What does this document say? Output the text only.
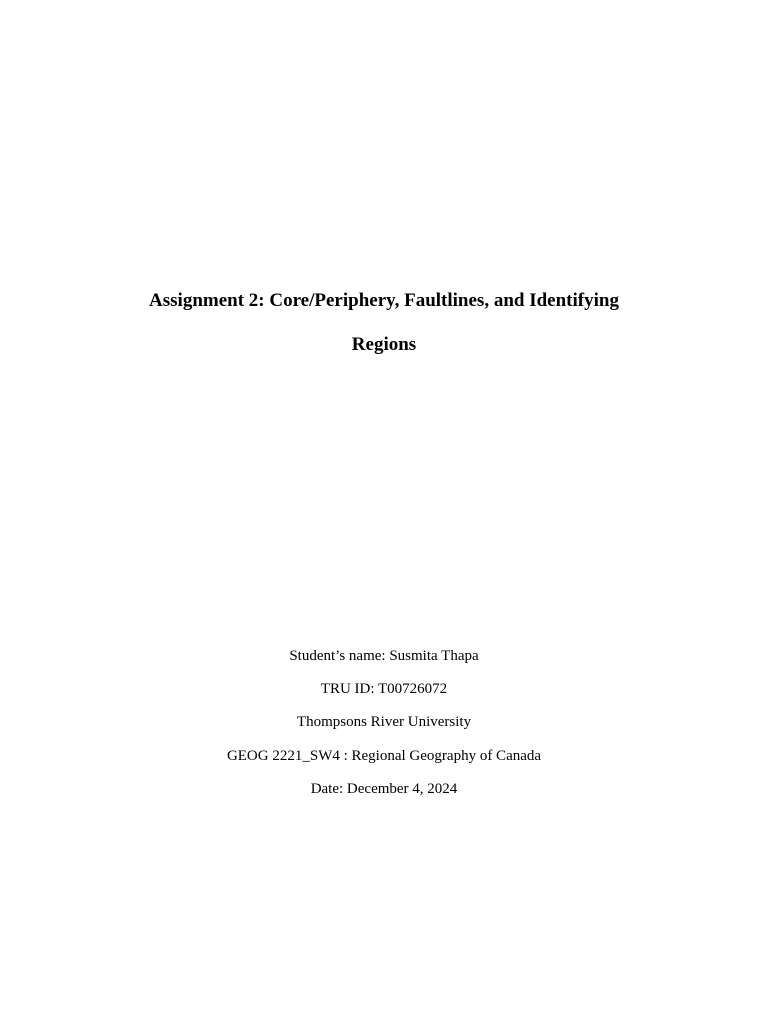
Assignment 2: Core/Periphery, Faultlines, and Identifying
Regions
Student’s name: Susmita Thapa
TRU ID: T00726072
Thompsons River University
GEOG 2221_SW4 : Regional Geography of Canada
Date: December 4, 2024
